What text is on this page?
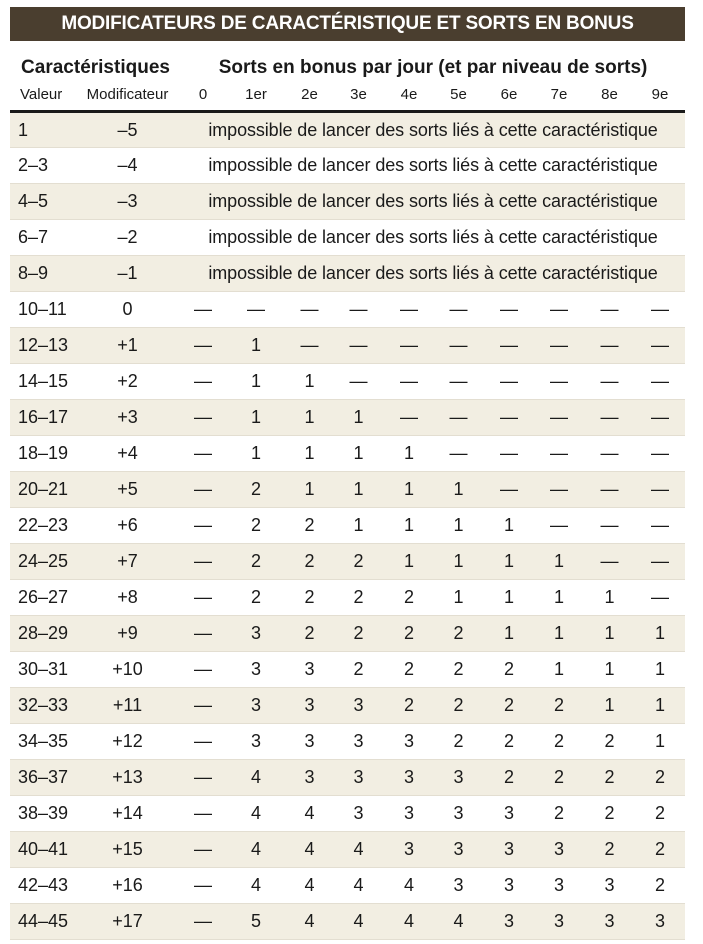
MODIFICATEURS DE CARACTÉRISTIQUE ET SORTS EN BONUS
Caractéristiques		Sorts en bonus par jour (et par niveau de sorts)									
Valeur	Modificateur	0	1er	2e	3e	4e	5e	6e	7e	8e	9e
1	–5	impossible de lancer des sorts liés à cette caractéristique									
2–3	–4	impossible de lancer des sorts liés à cette caractéristique									
4–5	–3	impossible de lancer des sorts liés à cette caractéristique									
6–7	–2	impossible de lancer des sorts liés à cette caractéristique									
8–9	–1	impossible de lancer des sorts liés à cette caractéristique									
10–11	0	—	—	—	—	—	—	—	—	—	—
12–13	+1	—	1	—	—	—	—	—	—	—	—
14–15	+2	—	1	1	—	—	—	—	—	—	—
16–17	+3	—	1	1	1	—	—	—	—	—	—
18–19	+4	—	1	1	1	1	—	—	—	—	—
20–21	+5	—	2	1	1	1	1	—	—	—	—
22–23	+6	—	2	2	1	1	1	1	—	—	—
24–25	+7	—	2	2	2	1	1	1	1	—	—
26–27	+8	—	2	2	2	2	1	1	1	1	—
28–29	+9	—	3	2	2	2	2	1	1	1	1
30–31	+10	—	3	3	2	2	2	2	1	1	1
32–33	+11	—	3	3	3	2	2	2	2	1	1
34–35	+12	—	3	3	3	3	2	2	2	2	1
36–37	+13	—	4	3	3	3	3	2	2	2	2
38–39	+14	—	4	4	3	3	3	3	2	2	2
40–41	+15	—	4	4	4	3	3	3	3	2	2
42–43	+16	—	4	4	4	4	3	3	3	3	2
44–45	+17	—	5	4	4	4	4	3	3	3	3
